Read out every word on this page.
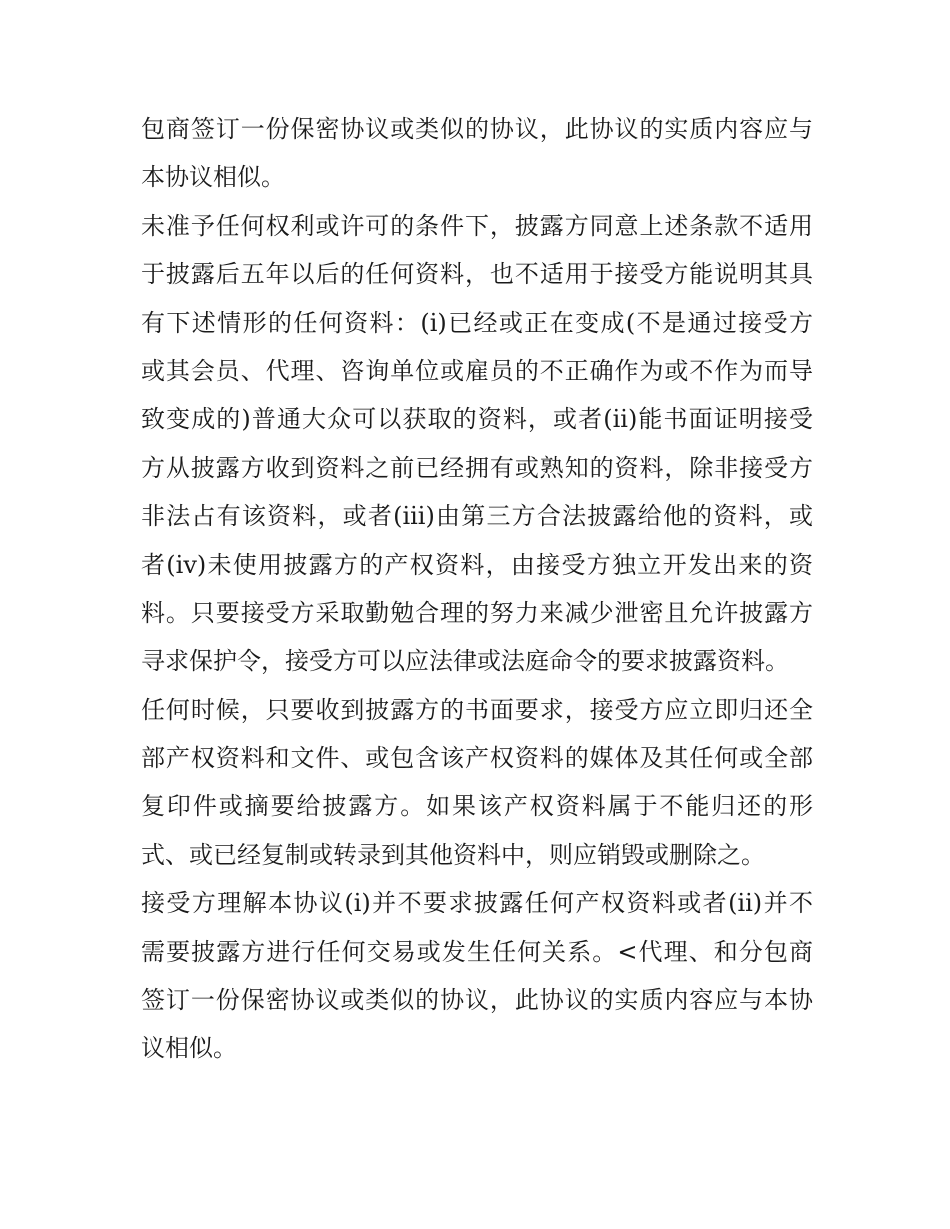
包商签订一份保密协议或类似的协议，此协议的实质内容应与
本协议相似。
未准予任何权利或许可的条件下，披露方同意上述条款不适用
于披露后五年以后的任何资料，也不适用于接受方能说明其具
有下述情形的任何资料：(i)已经或正在变成(不是通过接受方
或其会员、代理、咨询单位或雇员的不正确作为或不作为而导
致变成的)普通大众可以获取的资料，或者(ii)能书面证明接受
方从披露方收到资料之前已经拥有或熟知的资料，除非接受方
非法占有该资料，或者(iii)由第三方合法披露给他的资料，或
者(iv)未使用披露方的产权资料，由接受方独立开发出来的资
料。只要接受方采取勤勉合理的努力来减少泄密且允许披露方
寻求保护令，接受方可以应法律或法庭命令的要求披露资料。
任何时候，只要收到披露方的书面要求，接受方应立即归还全
部产权资料和文件、或包含该产权资料的媒体及其任何或全部
复印件或摘要给披露方。如果该产权资料属于不能归还的形
式、或已经复制或转录到其他资料中，则应销毁或删除之。
接受方理解本协议(i)并不要求披露任何产权资料或者(ii)并不
需要披露方进行任何交易或发生任何关系。<代理、和分包商
签订一份保密协议或类似的协议，此协议的实质内容应与本协
议相似。
